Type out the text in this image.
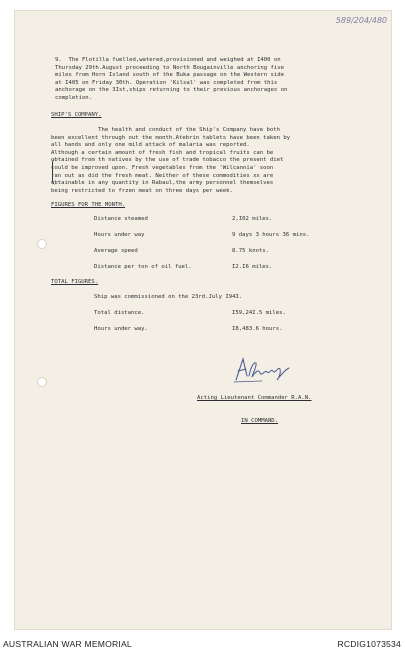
589/204/480
9.  The Flotilla fuelled,watered,provisioned and weighed at I400 on
Thursday 29th.August proceeding to North Bougainville anchoring five
miles from Horn Island south of the Buka passage on the Western side
at I405 on Friday 30th. Operation 'Kilsal' was completed from this
anchorage on the 3Ist,ships returning to their previous anchorages on
completion.
SHIP'S COMPANY.
The health and conduct of the Ship's Company have both
been excellent through out the month.Atebrin tablets have been taken by
all hands and only one mild attack of malaria was reported.
Although a certain amount of fresh fish and tropical fruits can be
obtained from th natives by the use of trade tobacco the present diet
could be improved upon. Fresh vegetables from the 'Wilcannia' soon
ran out as did the fresh meat. Neither of these commodities xx are
obtainable in any quantity in Rabaul,the army personnel themselves
being restricted to frzen meat on three days per week.
FIGURES FOR THE MONTH.
Distance steamed	2,I02 miles.
Hours under way	9 days 3 hours 36 mins.
Average speed	8.75 knots.
Distance per ton of oil fuel.	I2.I6 miles.
TOTAL FIGURES.
Ship was commissioned on the 23rd.July I94I.
Total distance.	I59,24I.5 miles.
Hours under way.	I8,483.6 hours.
Acting Lieutenant Commander R.A.N.
IN COMMAND.
AUSTRALIAN WAR MEMORIAL	RCDIG1073534
